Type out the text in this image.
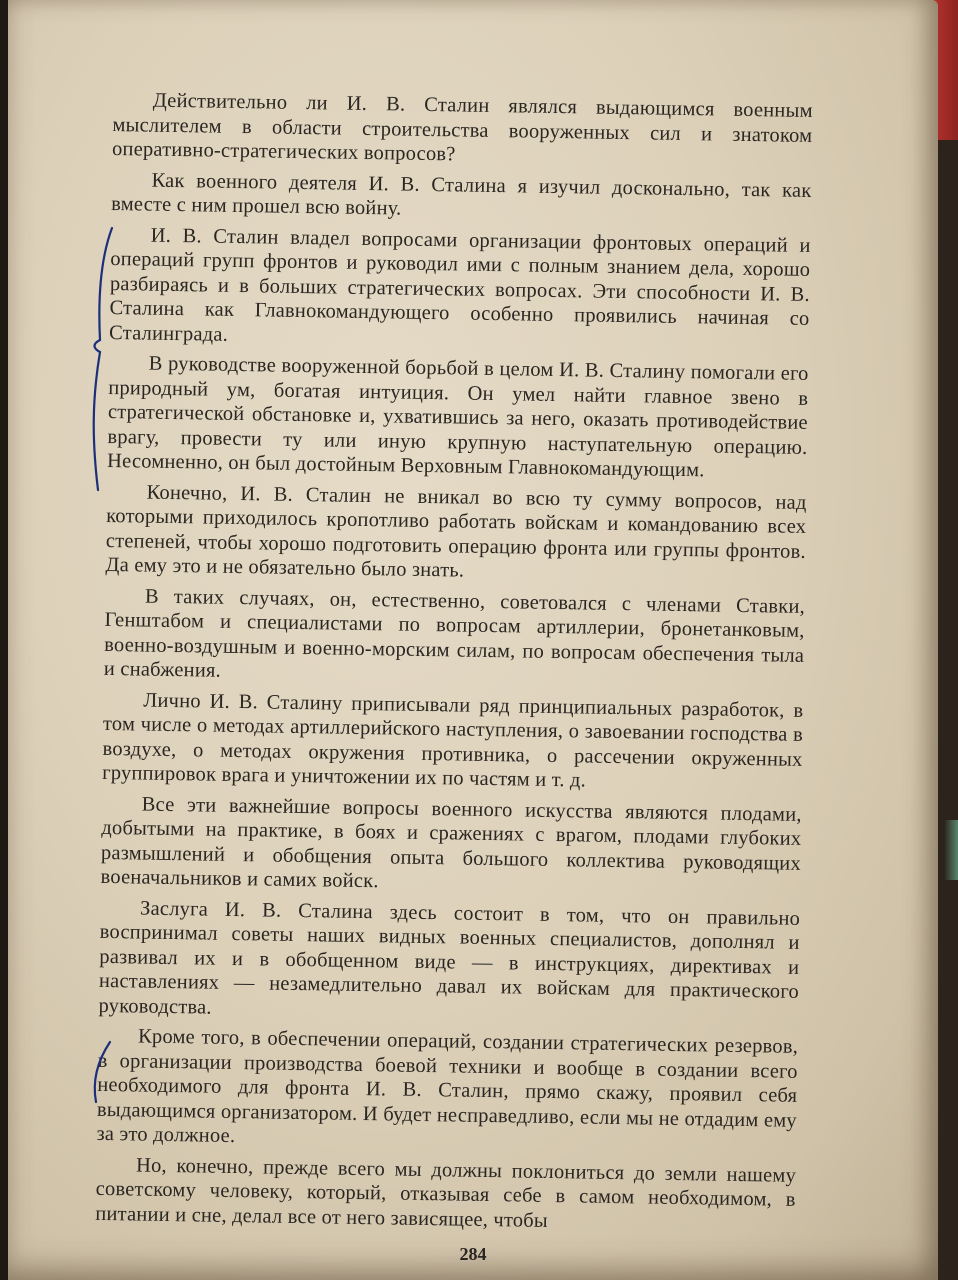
Действительно ли И. В. Сталин являлся выдающимся военным мыслителем в области строительства вооруженных сил и знатоком оперативно-стратегических вопросов?

Как военного деятеля И. В. Сталина я изучил досконально, так как вместе с ним прошел всю войну.

И. В. Сталин владел вопросами организации фронтовых операций и операций групп фронтов и руководил ими с полным знанием дела, хорошо разбираясь и в больших стратегических вопросах. Эти способности И. В. Сталина как Главнокомандующего особенно проявились начиная со Сталинграда.

В руководстве вооруженной борьбой в целом И. В. Сталину помогали его природный ум, богатая интуиция. Он умел найти главное звено в стратегической обстановке и, ухватившись за него, оказать противодействие врагу, провести ту или иную крупную наступательную операцию. Несомненно, он был достойным Верховным Главнокомандующим.

Конечно, И. В. Сталин не вникал во всю ту сумму вопросов, над которыми приходилось кропотливо работать войскам и командованию всех степеней, чтобы хорошо подготовить операцию фронта или группы фронтов. Да ему это и не обязательно было знать.

В таких случаях, он, естественно, советовался с членами Ставки, Генштабом и специалистами по вопросам артиллерии, бронетанковым, военно-воздушным и военно-морским силам, по вопросам обеспечения тыла и снабжения.

Лично И. В. Сталину приписывали ряд принципиальных разработок, в том числе о методах артиллерийского наступления, о завоевании господства в воздухе, о методах окружения противника, о рассечении окруженных группировок врага и уничтожении их по частям и т. д.

Все эти важнейшие вопросы военного искусства являются плодами, добытыми на практике, в боях и сражениях с врагом, плодами глубоких размышлений и обобщения опыта большого коллектива руководящих военачальников и самих войск.

Заслуга И. В. Сталина здесь состоит в том, что он правильно воспринимал советы наших видных военных специалистов, дополнял и развивал их и в обобщенном виде — в инструкциях, директивах и наставлениях — незамедлительно давал их войскам для практического руководства.

Кроме того, в обеспечении операций, создании стратегических резервов, в организации производства боевой техники и вообще в создании всего необходимого для фронта И. В. Сталин, прямо скажу, проявил себя выдающимся организатором. И будет несправедливо, если мы не отдадим ему за это должное.

Но, конечно, прежде всего мы должны поклониться до земли нашему советскому человеку, который, отказывая себе в самом необходимом, в питании и сне, делал все от него зависящее, чтобы

284
